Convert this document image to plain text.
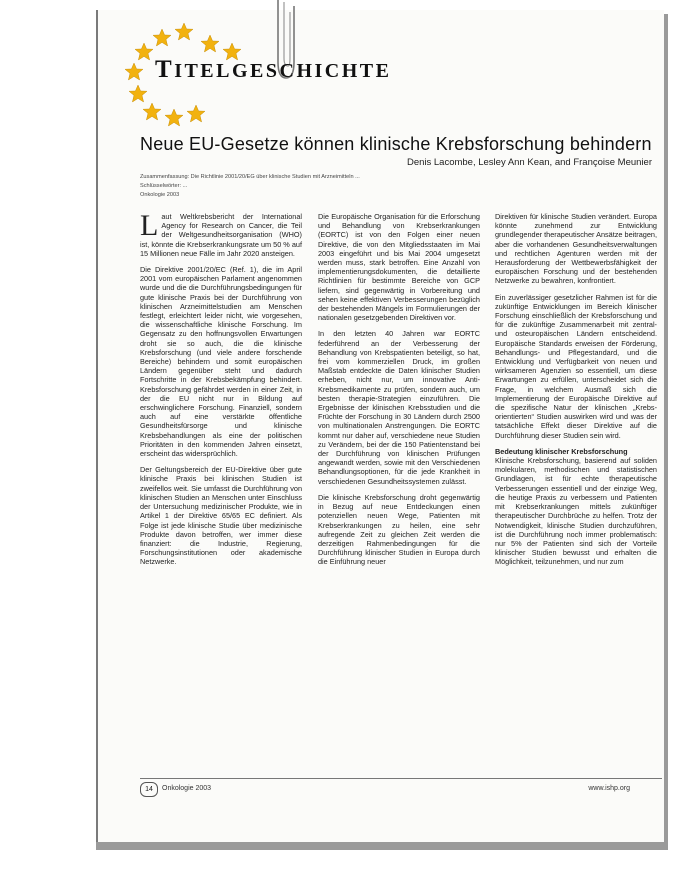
TITELGESCHICHTE
Neue EU-Gesetze können klinische Krebsforschung behindern
Denis Lacombe, Lesley Ann Kean, and Françoise Meunier
Zusammenfassung: Die Richtlinie 2001/20/EG über klinische Studien mit Arzneimitteln ...
Schlüsselwörter: ...
Onkologie 2003

Laut Weltkrebsbericht der International Agency for Research on Cancer, die Teil der Weltgesundheitsorganisation (WHO) ist, könnte die Krebserkrankungsrate um 50 % auf 15 Millionen neue Fälle im Jahr 2020 ansteigen.

Die Direktive 2001/20/EC (Ref. 1), die im April 2001 vom europäischen Parlament angenommen wurde und die die Durchführungsbedingungen für gute klinische Praxis bei der Durchführung von klinischen Arzneimittelstudien am Menschen festlegt, erleichtert leider nicht, wie vorgesehen, die wissenschaftliche klinische Forschung. Im Gegensatz zu den hoffnungsvollen Erwartungen droht sie so auch, die die klinische Krebsforschung (und viele andere forschende Bereiche) behindern und somit europäischen Ländern gegenüber steht und dadurch Fortschritte in der Krebsbekämpfung behindert. Krebsforschung gefährdet werden in einer Zeit, in der die EU nicht nur in Bildung auf erschwinglichere Forschung. Finanziell, sondern auch auf eine verstärkte öffentliche Gesundheitsfürsorge und klinische Krebsbehandlungen als eine der politischen Prioritäten in den kommenden Jahren einsetzt, erscheint das widersprüchlich.

Der Geltungsbereich der EU-Direktive über gute klinische Praxis bei klinischen Studien ist zweifellos weit. Sie umfasst die Durchführung von klinischen Studien an Menschen unter Einschluss der Untersuchung medizinischer Produkte, wie in Artikel 1 der Direktive 65/65 EC definiert. Als Folge ist jede klinische Studie über medizinische Produkte davon betroffen, wer immer diese finanziert: die Industrie, Regierung, Forschungsinstitutionen oder akademische Netzwerke.

Die Europäische Organisation für die Erforschung und Behandlung von Krebserkrankungen (EORTC) ist von den Folgen einer neuen Direktive, die von den Mitgliedsstaaten im Mai 2003 eingeführt und bis Mai 2004 umgesetzt werden muss, stark betroffen. Eine Anzahl von implementierungsdokumenten, die detaillierte Richtlinien für bestimmte Bereiche von GCP liefern, sind gegenwärtig in Vorbereitung und sehen keine effektiven Verbesserungen bezüglich der bestehenden Mängels im Formulierungen der nationalen gesetzgebenden Direktiven vor.

In den letzten 40 Jahren war EORTC federführend an der Verbesserung der Behandlung von Krebspatienten beteiligt, so hat, frei vom kommerziellen Druck, im großen Maßstab entdeckte die Daten klinischer Studien erheben, nicht nur, um innovative Anti-Krebsmedikamente zu prüfen, sondern auch, um besten therapie-Strategien einzuführen. Die Ergebnisse der klinischen Krebsstudien und die Früchte der Forschung in 30 Ländern durch 2500 von multinationalen Anstrengungen. Die EORTC kommt nur daher auf, verschiedene neue Studien zu Verändern, bei der die 150 Patientenstand bei der Durchführung von klinischen Prüfungen angewandt werden, sowie mit den Verschiedenen Behandlungsoptionen, für die jede Krankheit in verschiedenen Gesundheitssystemen zulässt.

Die klinische Krebsforschung droht gegenwärtig in Bezug auf neue Entdeckungen einen potenziellen neuen Wege, Patienten mit Krebserkrankungen zu heilen, eine sehr aufregende Zeit zu gleichen Zeit werden die derzeitigen Rahmenbedingungen für die Durchführung klinischer Studien in Europa durch die Einführung neuer

Direktiven für klinische Studien verändert. Europa könnte zunehmend zur Entwicklung grundlegender therapeutischer Ansätze beitragen, aber die vorhandenen Gesundheitsverwaltungen und rechtlichen Agenturen werden mit der Herausforderung der Wettbewerbsfähigkeit der europäischen Forschung und der bestehenden Netzwerke zu bewahren, konfrontiert.

Ein zuverlässiger gesetzlicher Rahmen ist für die zukünftige Entwicklungen im Bereich klinischer Forschung einschließlich der Krebsforschung und für die zukünftige Zusammenarbeit mit zentral- und osteuropäischen Ländern entscheidend. Europäische Standards erweisen der Förderung, Behandlungs- und Pflegestandard, und die Entwicklung und Verfügbarkeit von neuen und wirksameren Agenzien so essentiell, um diese Erwartungen zu erfüllen, unterscheidet sich die Frage, in welchem Ausmaß sich die Implementierung der Europäische Direktive auf die spezifische Natur der klinischen „Krebs-orientierten“ Studien auswirken wird und was der tatsächliche Effekt dieser Direktive auf die Durchführung dieser Studien sein wird.

Bedeutung klinischer Krebsforschung

Klinische Krebsforschung, basierend auf soliden molekularen, methodischen und statistischen Grundlagen, ist für echte therapeutische Verbesserungen essentiell und der einzige Weg, die heutige Praxis zu verbessern und Patienten mit Krebserkrankungen mittels zukünftiger therapeutischer Durchbrüche zu helfen. Trotz der Notwendigkeit, klinische Studien durchzuführen, ist die Durchführung noch immer problematisch: nur 5% der Patienten sind sich der Vorteile klinischer Studien bewusst und erhalten die Möglichkeit, teilzunehmen, und nur zum

14	Onkologie 2003	www.ishp.org
